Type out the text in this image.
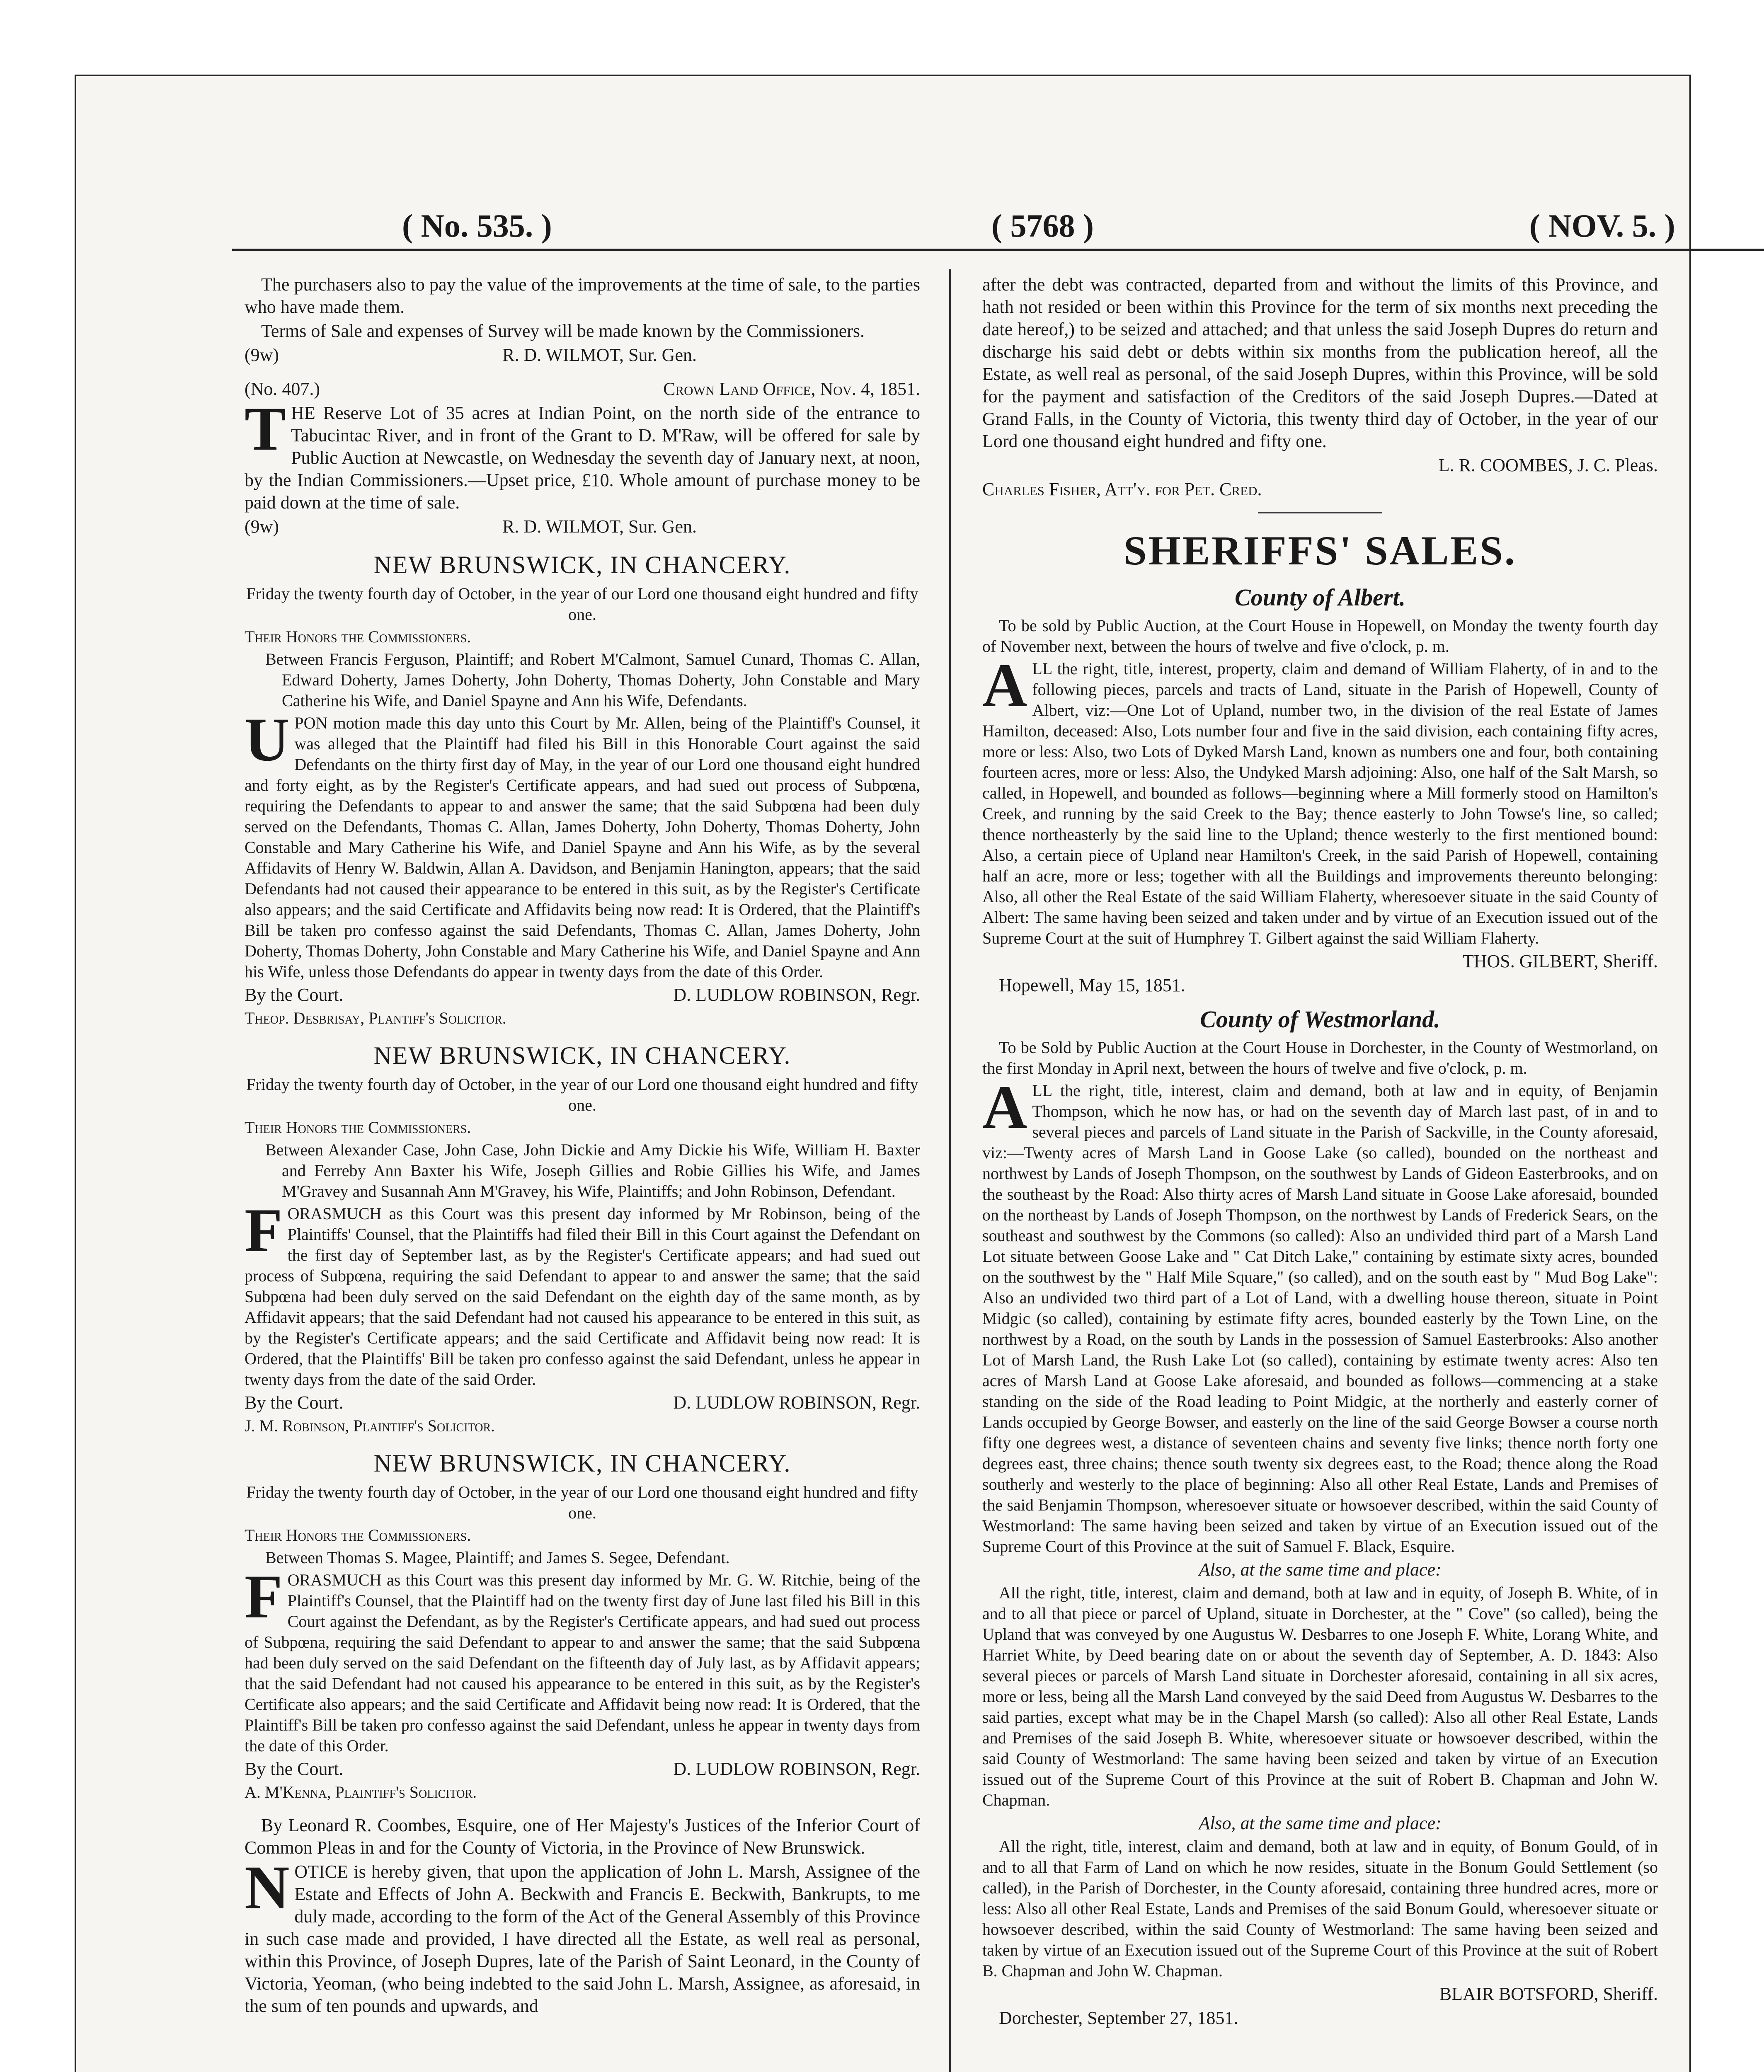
( No. 535. )	( 5768 )	( NOV. 5. )

The purchasers also to pay the value of the improvements at the time of sale, to the parties who have made them.

Terms of Sale and expenses of Survey will be made known by the Commissioners.

(9w)	R. D. WILMOT, Sur. Gen.

(No. 407.)	Crown Land Office, Nov. 4, 1851.

THE Reserve Lot of 35 acres at Indian Point, on the north side of the entrance to Tabucintac River, and in front of the Grant to D. M'Raw, will be offered for sale by Public Auction at Newcastle, on Wednesday the seventh day of January next, at noon, by the Indian Commissioners.—Upset price, £10. Whole amount of purchase money to be paid down at the time of sale.

(9w)	R. D. WILMOT, Sur. Gen.

NEW BRUNSWICK, IN CHANCERY.

Friday the twenty fourth day of October, in the year of our Lord one thousand eight hundred and fifty one.

Their Honors the Commissioners.

Between Francis Ferguson, Plaintiff; and Robert M'Calmont, Samuel Cunard, Thomas C. Allan, Edward Doherty, James Doherty, John Doherty, Thomas Doherty, John Constable and Mary Catherine his Wife, and Daniel Spayne and Ann his Wife, Defendants.

UPON motion made this day unto this Court by Mr. Allen, being of the Plaintiff's Counsel, it was alleged that the Plaintiff had filed his Bill in this Honorable Court against the said Defendants on the thirty first day of May, in the year of our Lord one thousand eight hundred and forty eight, as by the Register's Certificate appears, and had sued out process of Subpœna, requiring the Defendants to appear to and answer the same; that the said Subpœna had been duly served on the Defendants, Thomas C. Allan, James Doherty, John Doherty, Thomas Doherty, John Constable and Mary Catherine his Wife, and Daniel Spayne and Ann his Wife, as by the several Affidavits of Henry W. Baldwin, Allan A. Davidson, and Benjamin Hanington, appears; that the said Defendants had not caused their appearance to be entered in this suit, as by the Register's Certificate also appears; and the said Certificate and Affidavits being now read: It is Ordered, that the Plaintiff's Bill be taken pro confesso against the said Defendants, Thomas C. Allan, James Doherty, John Doherty, Thomas Doherty, John Constable and Mary Catherine his Wife, and Daniel Spayne and Ann his Wife, unless those Defendants do appear in twenty days from the date of this Order.

By the Court.	D. LUDLOW ROBINSON, Regr.

Theop. Desbrisay, Plantiff's Solicitor.

NEW BRUNSWICK, IN CHANCERY.

Friday the twenty fourth day of October, in the year of our Lord one thousand eight hundred and fifty one.

Their Honors the Commissioners.

Between Alexander Case, John Case, John Dickie and Amy Dickie his Wife, William H. Baxter and Ferreby Ann Baxter his Wife, Joseph Gillies and Robie Gillies his Wife, and James M'Gravey and Susannah Ann M'Gravey, his Wife, Plaintiffs; and John Robinson, Defendant.

FORASMUCH as this Court was this present day informed by Mr Robinson, being of the Plaintiffs' Counsel, that the Plaintiffs had filed their Bill in this Court against the Defendant on the first day of September last, as by the Register's Certificate appears; and had sued out process of Subpœna, requiring the said Defendant to appear to and answer the same; that the said Subpœna had been duly served on the said Defendant on the eighth day of the same month, as by Affidavit appears; that the said Defendant had not caused his appearance to be entered in this suit, as by the Register's Certificate appears; and the said Certificate and Affidavit being now read: It is Ordered, that the Plaintiffs' Bill be taken pro confesso against the said Defendant, unless he appear in twenty days from the date of the said Order.

By the Court.	D. LUDLOW ROBINSON, Regr.

J. M. Robinson, Plaintiff's Solicitor.

NEW BRUNSWICK, IN CHANCERY.

Friday the twenty fourth day of October, in the year of our Lord one thousand eight hundred and fifty one.

Their Honors the Commissioners.

Between Thomas S. Magee, Plaintiff; and James S. Segee, Defendant.

FORASMUCH as this Court was this present day informed by Mr. G. W. Ritchie, being of the Plaintiff's Counsel, that the Plaintiff had on the twenty first day of June last filed his Bill in this Court against the Defendant, as by the Register's Certificate appears, and had sued out process of Subpœna, requiring the said Defendant to appear to and answer the same; that the said Subpœna had been duly served on the said Defendant on the fifteenth day of July last, as by Affidavit appears; that the said Defendant had not caused his appearance to be entered in this suit, as by the Register's Certificate also appears; and the said Certificate and Affidavit being now read: It is Ordered, that the Plaintiff's Bill be taken pro confesso against the said Defendant, unless he appear in twenty days from the date of this Order.

By the Court.	D. LUDLOW ROBINSON, Regr.

A. M'Kenna, Plaintiff's Solicitor.

By Leonard R. Coombes, Esquire, one of Her Majesty's Justices of the Inferior Court of Common Pleas in and for the County of Victoria, in the Province of New Brunswick.

NOTICE is hereby given, that upon the application of John L. Marsh, Assignee of the Estate and Effects of John A. Beckwith and Francis E. Beckwith, Bankrupts, to me duly made, according to the form of the Act of the General Assembly of this Province in such case made and provided, I have directed all the Estate, as well real as personal, within this Province, of Joseph Dupres, late of the Parish of Saint Leonard, in the County of Victoria, Yeoman, (who being indebted to the said John L. Marsh, Assignee, as aforesaid, in the sum of ten pounds and upwards, and

after the debt was contracted, departed from and without the limits of this Province, and hath not resided or been within this Province for the term of six months next preceding the date hereof,) to be seized and attached; and that unless the said Joseph Dupres do return and discharge his said debt or debts within six months from the publication hereof, all the Estate, as well real as personal, of the said Joseph Dupres, within this Province, will be sold for the payment and satisfaction of the Creditors of the said Joseph Dupres.—Dated at Grand Falls, in the County of Victoria, this twenty third day of October, in the year of our Lord one thousand eight hundred and fifty one.

L. R. COOMBES, J. C. Pleas.

Charles Fisher, Att'y. for Pet. Cred.

SHERIFFS' SALES.
County of Albert.

To be sold by Public Auction, at the Court House in Hopewell, on Monday the twenty fourth day of November next, between the hours of twelve and five o'clock, p. m.

ALL the right, title, interest, property, claim and demand of William Flaherty, of in and to the following pieces, parcels and tracts of Land, situate in the Parish of Hopewell, County of Albert, viz:—One Lot of Upland, number two, in the division of the real Estate of James Hamilton, deceased: Also, Lots number four and five in the said division, each containing fifty acres, more or less: Also, two Lots of Dyked Marsh Land, known as numbers one and four, both containing fourteen acres, more or less: Also, the Undyked Marsh adjoining: Also, one half of the Salt Marsh, so called, in Hopewell, and bounded as follows—beginning where a Mill formerly stood on Hamilton's Creek, and running by the said Creek to the Bay; thence easterly to John Towse's line, so called; thence northeasterly by the said line to the Upland; thence westerly to the first mentioned bound: Also, a certain piece of Upland near Hamilton's Creek, in the said Parish of Hopewell, containing half an acre, more or less; together with all the Buildings and improvements thereunto belonging: Also, all other the Real Estate of the said William Flaherty, wheresoever situate in the said County of Albert: The same having been seized and taken under and by virtue of an Execution issued out of the Supreme Court at the suit of Humphrey T. Gilbert against the said William Flaherty.

THOS. GILBERT, Sheriff.

Hopewell, May 15, 1851.

County of Westmorland.

To be Sold by Public Auction at the Court House in Dorchester, in the County of Westmorland, on the first Monday in April next, between the hours of twelve and five o'clock, p. m.

ALL the right, title, interest, claim and demand, both at law and in equity, of Benjamin Thompson, which he now has, or had on the seventh day of March last past, of in and to several pieces and parcels of Land situate in the Parish of Sackville, in the County aforesaid, viz:—Twenty acres of Marsh Land in Goose Lake (so called), bounded on the northeast and northwest by Lands of Joseph Thompson, on the southwest by Lands of Gideon Easterbrooks, and on the southeast by the Road: Also thirty acres of Marsh Land situate in Goose Lake aforesaid, bounded on the northeast by Lands of Joseph Thompson, on the northwest by Lands of Frederick Sears, on the southeast and southwest by the Commons (so called): Also an undivided third part of a Marsh Land Lot situate between Goose Lake and " Cat Ditch Lake," containing by estimate sixty acres, bounded on the southwest by the " Half Mile Square," (so called), and on the south east by " Mud Bog Lake": Also an undivided two third part of a Lot of Land, with a dwelling house thereon, situate in Point Midgic (so called), containing by estimate fifty acres, bounded easterly by the Town Line, on the northwest by a Road, on the south by Lands in the possession of Samuel Easterbrooks: Also another Lot of Marsh Land, the Rush Lake Lot (so called), containing by estimate twenty acres: Also ten acres of Marsh Land at Goose Lake aforesaid, and bounded as follows—commencing at a stake standing on the side of the Road leading to Point Midgic, at the northerly and easterly corner of Lands occupied by George Bowser, and easterly on the line of the said George Bowser a course north fifty one degrees west, a distance of seventeen chains and seventy five links; thence north forty one degrees east, three chains; thence south twenty six degrees east, to the Road; thence along the Road southerly and westerly to the place of beginning: Also all other Real Estate, Lands and Premises of the said Benjamin Thompson, wheresoever situate or howsoever described, within the said County of Westmorland: The same having been seized and taken by virtue of an Execution issued out of the Supreme Court of this Province at the suit of Samuel F. Black, Esquire.

Also, at the same time and place:

All the right, title, interest, claim and demand, both at law and in equity, of Joseph B. White, of in and to all that piece or parcel of Upland, situate in Dorchester, at the " Cove" (so called), being the Upland that was conveyed by one Augustus W. Desbarres to one Joseph F. White, Lorang White, and Harriet White, by Deed bearing date on or about the seventh day of September, A. D. 1843: Also several pieces or parcels of Marsh Land situate in Dorchester aforesaid, containing in all six acres, more or less, being all the Marsh Land conveyed by the said Deed from Augustus W. Desbarres to the said parties, except what may be in the Chapel Marsh (so called): Also all other Real Estate, Lands and Premises of the said Joseph B. White, wheresoever situate or howsoever described, within the said County of Westmorland: The same having been seized and taken by virtue of an Execution issued out of the Supreme Court of this Province at the suit of Robert B. Chapman and John W. Chapman.

Also, at the same time and place:

All the right, title, interest, claim and demand, both at law and in equity, of Bonum Gould, of in and to all that Farm of Land on which he now resides, situate in the Bonum Gould Settlement (so called), in the Parish of Dorchester, in the County aforesaid, containing three hundred acres, more or less: Also all other Real Estate, Lands and Premises of the said Bonum Gould, wheresoever situate or howsoever described, within the said County of Westmorland: The same having been seized and taken by virtue of an Execution issued out of the Supreme Court of this Province at the suit of Robert B. Chapman and John W. Chapman.

BLAIR BOTSFORD, Sheriff.

Dorchester, September 27, 1851.
